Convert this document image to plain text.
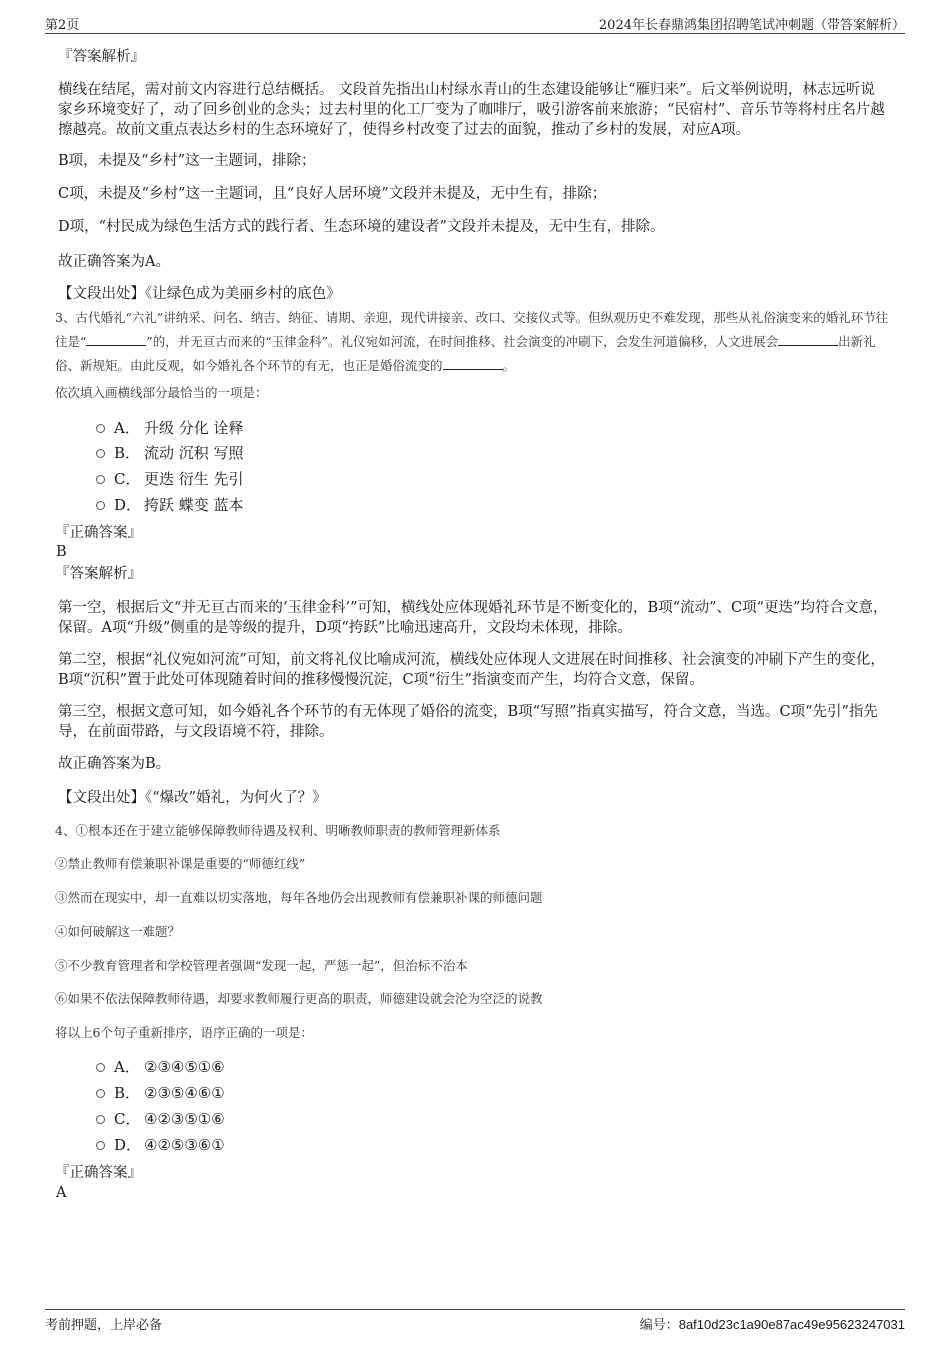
第2页	2024年长春鼎鸿集团招聘笔试冲刺题（带答案解析）
『答案解析』
横线在结尾，需对前文内容进行总结概括。 文段首先指出山村绿水青山的生态建设能够让“雁归来”。后文举例说明，林志远听说家乡环境变好了，动了回乡创业的念头；过去村里的化工厂变为了咖啡厅，吸引游客前来旅游；“民宿村”、音乐节等将村庄名片越擦越亮。故前文重点表达乡村的生态环境好了，使得乡村改变了过去的面貌，推动了乡村的发展，对应A项。
B项，未提及“乡村”这一主题词，排除；
C项，未提及“乡村”这一主题词，且“良好人居环境”文段并未提及，无中生有，排除；
D项，“村民成为绿色生活方式的践行者、生态环境的建设者”文段并未提及，无中生有，排除。
故正确答案为A。
【文段出处】《让绿色成为美丽乡村的底色》
3、古代婚礼“六礼”讲纳采、问名、纳吉、纳征、请期、亲迎，现代讲接亲、改口、交接仪式等。但纵观历史不难发现，那些从礼俗演变来的婚礼环节往往是“	”的，并无亘古而来的“玉律金科”。礼仪宛如河流，在时间推移、社会演变的冲刷下，会发生河道偏移，人文进展会	出新礼俗、新规矩。由此反观，如今婚礼各个环节的有无，也正是婚俗流变的	。
依次填入画横线部分最恰当的一项是：
A． 升级 分化 诠释
B． 流动 沉积 写照
C． 更迭 衍生 先引
D． 挎跃 蝶变 蓝本
『正确答案』
B
『答案解析』
第一空，根据后文“并无亘古而来的‘玉律金科’”可知，横线处应体现婚礼环节是不断变化的，B项“流动”、C项“更迭”均符合文意，保留。A项“升级”侧重的是等级的提升，D项“挎跃”比喻迅速高升，文段均未体现，排除。
第二空，根据“礼仪宛如河流”可知，前文将礼仪比喻成河流，横线处应体现人文进展在时间推移、社会演变的冲刷下产生的变化，B项“沉积”置于此处可体现随着时间的推移慢慢沉淀，C项“衍生”指演变而产生，均符合文意，保留。
第三空，根据文意可知，如今婚礼各个环节的有无体现了婚俗的流变，B项“写照”指真实描写，符合文意，当选。C项“先引”指先导，在前面带路，与文段语境不符，排除。
故正确答案为B。
【文段出处】《“爆改”婚礼，为何火了？》
4、①根本还在于建立能够保障教师待遇及权利、明晰教师职责的教师管理新体系
②禁止教师有偿兼职补课是重要的“师德红线”
③然而在现实中，却一直难以切实落地，每年各地仍会出现教师有偿兼职补课的师德问题
④如何破解这一难题？
⑤不少教育管理者和学校管理者强调“发现一起，严惩一起”，但治标不治本
⑥如果不依法保障教师待遇，却要求教师履行更高的职责，师德建设就会沦为空泛的说教
将以上6个句子重新排序，语序正确的一项是：
A． ②③④⑤①⑥
B． ②③⑤④⑥①
C． ④②③⑤①⑥
D． ④②⑤③⑥①
『正确答案』
A
考前押题，上岸必备	编号：8af10d23c1a90e87ac49e95623247031
